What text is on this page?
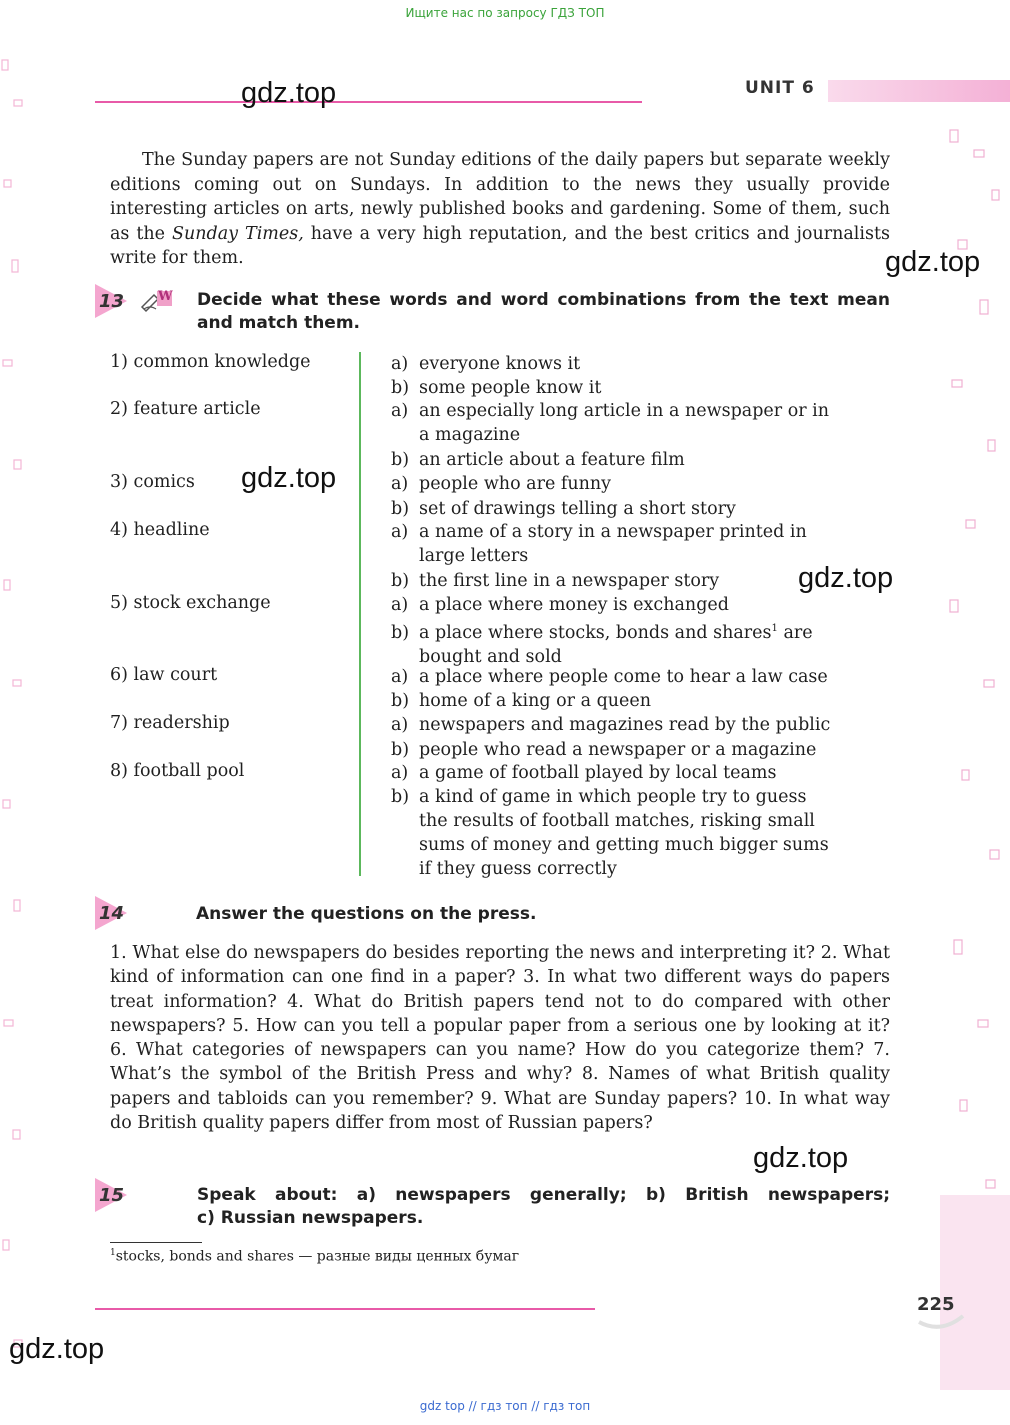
Ищите нас по запросу ГДЗ ТОП
UNIT 6
gdz.top
gdz.top
gdz.top
gdz.top
gdz.top
gdz.top

The Sunday papers are not Sunday editions of the daily papers but separate weekly editions coming out on Sundays. In addition to the news they usually provide interesting articles on arts, newly published books and gardening. Some of them, such as the Sunday Times, have a very high reputation, and the best critics and journalists write for them.

13	W Decide what these words and word combinations from the text mean and match them.
1) common knowledge	a) everyone knows it
b) some people know it
2) feature article	a) an especially long article in a newspaper or in
a magazine
b) an article about a feature film
3) comics	a) people who are funny
b) set of drawings telling a short story
4) headline	a) a name of a story in a newspaper printed in
large letters
b) the first line in a newspaper story
5) stock exchange	a) a place where money is exchanged
b) a place where stocks, bonds and shares$^1$ are
bought and sold
6) law court	a) a place where people come to hear a law case
b) home of a king or a queen
7) readership	a) newspapers and magazines read by the public
b) people who read a newspaper or a magazine
8) football pool	a) a game of football played by local teams
b) a kind of game in which people try to guess
the results of football matches, risking small
sums of money and getting much bigger sums
if they guess correctly
14	Answer the questions on the press.
1. What else do newspapers do besides reporting the news and interpreting it? 2. What kind of information can one find in a paper? 3. In what two different ways do papers treat information? 4. What do British papers tend not to do compared with other newspapers? 5. How can you tell a popular paper from a serious one by looking at it? 6. What categories of newspapers can you name? How do you categorize them? 7. What’s the symbol of the British Press and why? 8. Names of what British quality papers and tabloids can you remember? 9. What are Sunday papers? 10. In what way do British quality papers differ from most of Russian papers?
15	Speak about: a) newspapers generally; b) British newspapers;
c) Russian newspapers.
$^1$stocks, bonds and shares — разные виды ценных бумаг
225
gdz top // гдз топ // гдз топ
